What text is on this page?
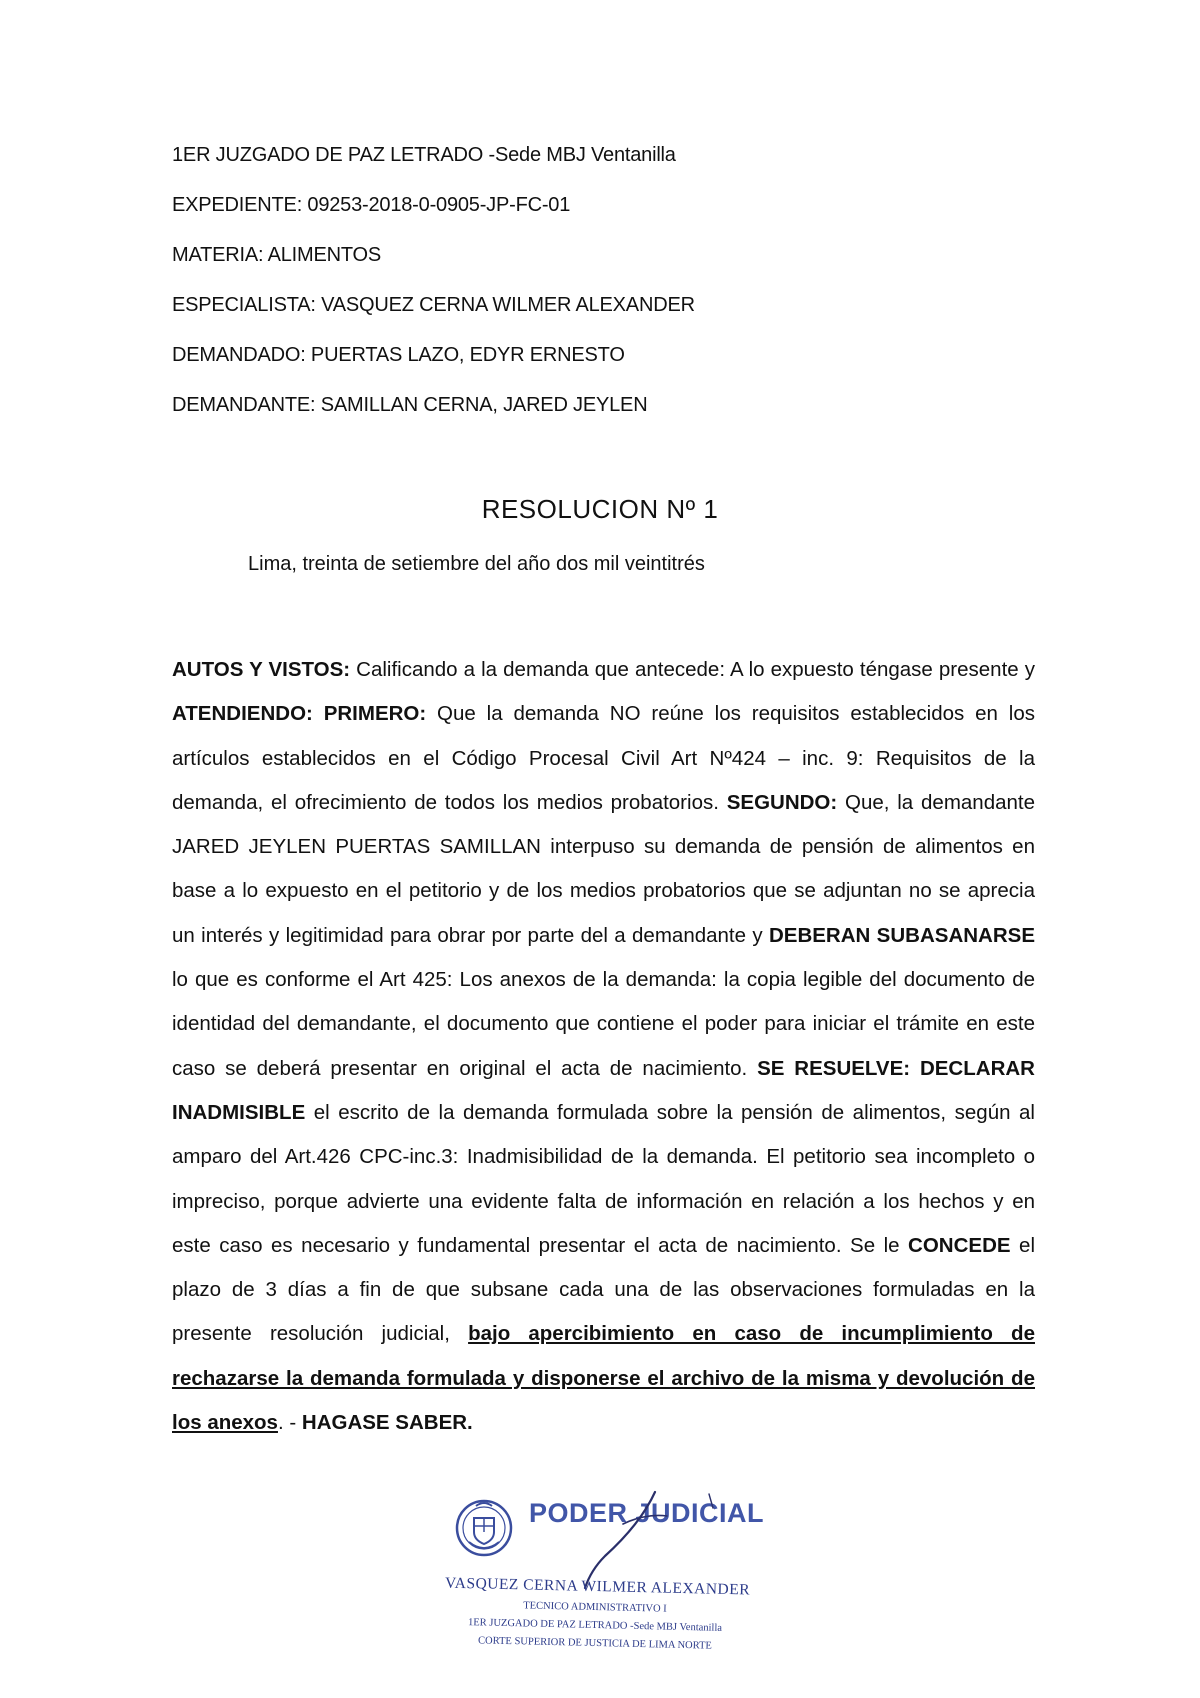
1ER JUZGADO DE PAZ LETRADO -Sede MBJ Ventanilla
EXPEDIENTE: 09253-2018-0-0905-JP-FC-01
MATERIA: ALIMENTOS
ESPECIALISTA: VASQUEZ CERNA WILMER ALEXANDER
DEMANDADO: PUERTAS LAZO, EDYR ERNESTO
DEMANDANTE: SAMILLAN CERNA, JARED JEYLEN
RESOLUCION Nº 1
Lima, treinta de setiembre del año dos mil veintitrés
AUTOS Y VISTOS: Calificando a la demanda que antecede: A lo expuesto téngase presente y ATENDIENDO: PRIMERO: Que la demanda NO reúne los requisitos establecidos en los artículos establecidos en el Código Procesal Civil Art Nº424 – inc. 9: Requisitos de la demanda, el ofrecimiento de todos los medios probatorios. SEGUNDO: Que, la demandante JARED JEYLEN PUERTAS SAMILLAN interpuso su demanda de pensión de alimentos en base a lo expuesto en el petitorio y de los medios probatorios que se adjuntan no se aprecia un interés y legitimidad para obrar por parte del a demandante y DEBERAN SUBASANARSE lo que es conforme el Art 425: Los anexos de la demanda: la copia legible del documento de identidad del demandante, el documento que contiene el poder para iniciar el trámite en este caso se deberá presentar en original el acta de nacimiento. SE RESUELVE: DECLARAR INADMISIBLE el escrito de la demanda formulada sobre la pensión de alimentos, según al amparo del Art.426 CPC-inc.3: Inadmisibilidad de la demanda. El petitorio sea incompleto o impreciso, porque advierte una evidente falta de información en relación a los hechos y en este caso es necesario y fundamental presentar el acta de nacimiento. Se le CONCEDE el plazo de 3 días a fin de que subsane cada una de las observaciones formuladas en la presente resolución judicial, bajo apercibimiento en caso de incumplimiento de rechazarse la demanda formulada y disponerse el archivo de la misma y devolución de los anexos. - HAGASE SABER.
PODER JUDICIAL
VASQUEZ CERNA WILMER ALEXANDER
TECNICO ADMINISTRATIVO I
1ER JUZGADO DE PAZ LETRADO -Sede MBJ Ventanilla
CORTE SUPERIOR DE JUSTICIA DE LIMA NORTE
